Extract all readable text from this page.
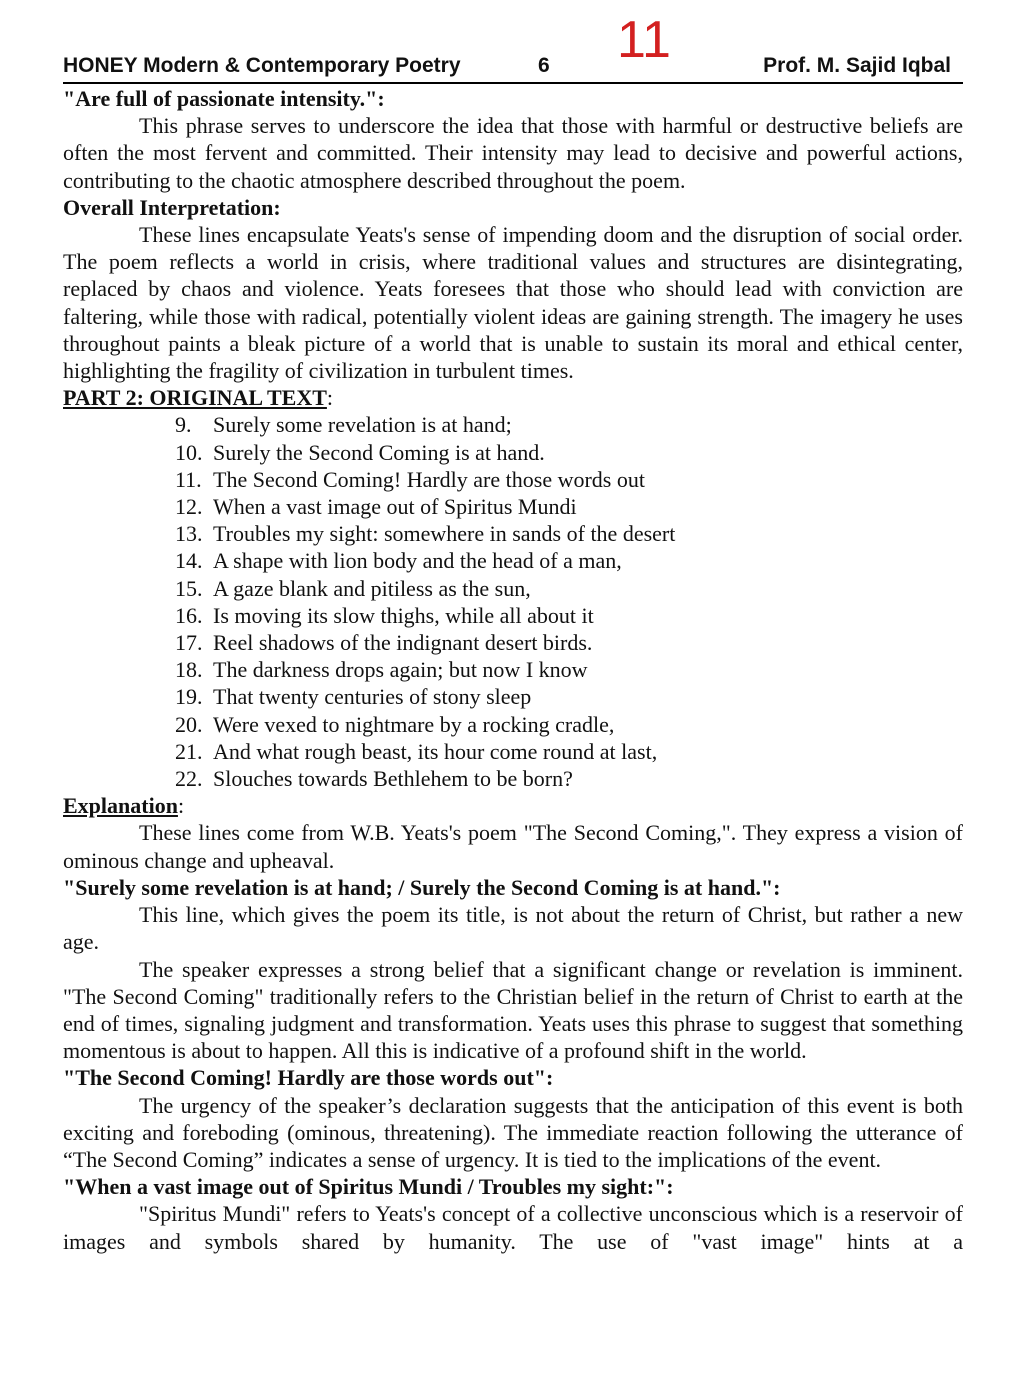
HONEY Modern & Contemporary Poetry	6 11	Prof. M. Sajid Iqbal
"Are full of passionate intensity.":

This phrase serves to underscore the idea that those with harmful or destructive beliefs are often the most fervent and committed. Their intensity may lead to decisive and powerful actions, contributing to the chaotic atmosphere described throughout the poem.

Overall Interpretation:

These lines encapsulate Yeats's sense of impending doom and the disruption of social order. The poem reflects a world in crisis, where traditional values and structures are disintegrating, replaced by chaos and violence. Yeats foresees that those who should lead with conviction are faltering, while those with radical, potentially violent ideas are gaining strength. The imagery he uses throughout paints a bleak picture of a world that is unable to sustain its moral and ethical center, highlighting the fragility of civilization in turbulent times.

PART 2: ORIGINAL TEXT:
9. Surely some revelation is at hand;
10. Surely the Second Coming is at hand.
11. The Second Coming! Hardly are those words out
12. When a vast image out of Spiritus Mundi
13. Troubles my sight: somewhere in sands of the desert
14. A shape with lion body and the head of a man,
15. A gaze blank and pitiless as the sun,
16. Is moving its slow thighs, while all about it
17. Reel shadows of the indignant desert birds.
18. The darkness drops again; but now I know
19. That twenty centuries of stony sleep
20. Were vexed to nightmare by a rocking cradle,
21. And what rough beast, its hour come round at last,
22. Slouches towards Bethlehem to be born?
Explanation:

These lines come from W.B. Yeats's poem "The Second Coming,". They express a vision of ominous change and upheaval.

"Surely some revelation is at hand; / Surely the Second Coming is at hand.":

This line, which gives the poem its title, is not about the return of Christ, but rather a new age.

The speaker expresses a strong belief that a significant change or revelation is imminent. "The Second Coming" traditionally refers to the Christian belief in the return of Christ to earth at the end of times, signaling judgment and transformation. Yeats uses this phrase to suggest that something momentous is about to happen. All this is indicative of a profound shift in the world.

"The Second Coming! Hardly are those words out":

The urgency of the speaker’s declaration suggests that the anticipation of this event is both exciting and foreboding (ominous, threatening). The immediate reaction following the utterance of “The Second Coming” indicates a sense of urgency. It is tied to the implications of the event.

"When a vast image out of Spiritus Mundi / Troubles my sight:":

"Spiritus Mundi" refers to Yeats's concept of a collective unconscious which is a reservoir of images and symbols shared by humanity. The use of "vast image" hints at a
